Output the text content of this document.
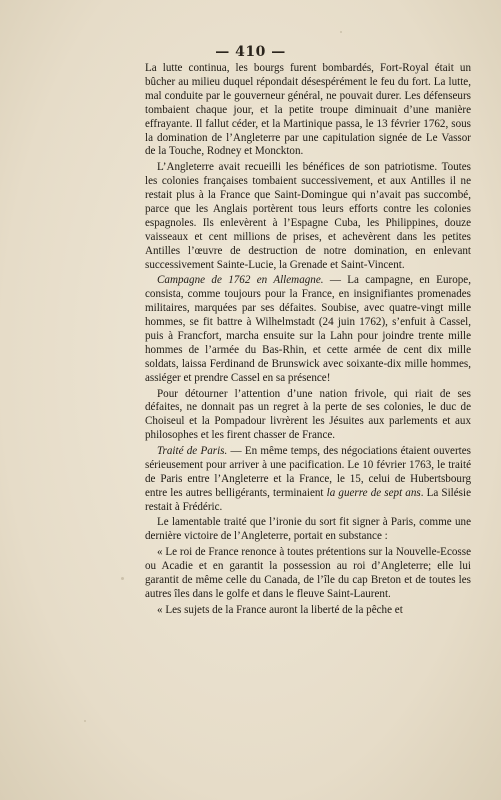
— 410 —

La lutte continua, les bourgs furent bombardés, Fort-Royal était un bûcher au milieu duquel répondait désespérément le feu du fort. La lutte, mal conduite par le gouverneur général, ne pouvait durer. Les défenseurs tombaient chaque jour, et la petite troupe diminuait d’une manière effrayante. Il fallut céder, et la Martinique passa, le 13 février 1762, sous la domination de l’Angleterre par une capitulation signée de Le Vassor de la Touche, Rodney et Monckton.

L’Angleterre avait recueilli les bénéfices de son patriotisme. Toutes les colonies françaises tombaient successivement, et aux Antilles il ne restait plus à la France que Saint-Domingue qui n’avait pas succombé, parce que les Anglais portèrent tous leurs efforts contre les colonies espagnoles. Ils enlevèrent à l’Espagne Cuba, les Philippines, douze vaisseaux et cent millions de prises, et achevèrent dans les petites Antilles l’œuvre de destruction de notre domination, en enlevant successivement Sainte-Lucie, la Grenade et Saint-Vincent.

Campagne de 1762 en Allemagne. — La campagne, en Europe, consista, comme toujours pour la France, en insignifiantes promenades militaires, marquées par ses défaites. Soubise, avec quatre-vingt mille hommes, se fit battre à Wilhelmstadt (24 juin 1762), s’enfuit à Cassel, puis à Francfort, marcha ensuite sur la Lahn pour joindre trente mille hommes de l’armée du Bas-Rhin, et cette armée de cent dix mille soldats, laissa Ferdinand de Brunswick avec soixante-dix mille hommes, assiéger et prendre Cassel en sa présence!

Pour détourner l’attention d’une nation frivole, qui riait de ses défaites, ne donnait pas un regret à la perte de ses colonies, le duc de Choiseul et la Pompadour livrèrent les Jésuites aux parlements et aux philosophes et les firent chasser de France.

Traité de Paris. — En même temps, des négociations étaient ouvertes sérieusement pour arriver à une pacification. Le 10 février 1763, le traité de Paris entre l’Angleterre et la France, le 15, celui de Hubertsbourg entre les autres belligérants, terminaient la guerre de sept ans. La Silésie restait à Frédéric.

Le lamentable traité que l’ironie du sort fit signer à Paris, comme une dernière victoire de l’Angleterre, portait en substance :

« Le roi de France renonce à toutes prétentions sur la Nouvelle-Ecosse ou Acadie et en garantit la possession au roi d’Angleterre; elle lui garantit de même celle du Canada, de l’île du cap Breton et de toutes les autres îles dans le golfe et dans le fleuve Saint-Laurent.

« Les sujets de la France auront la liberté de la pêche et
